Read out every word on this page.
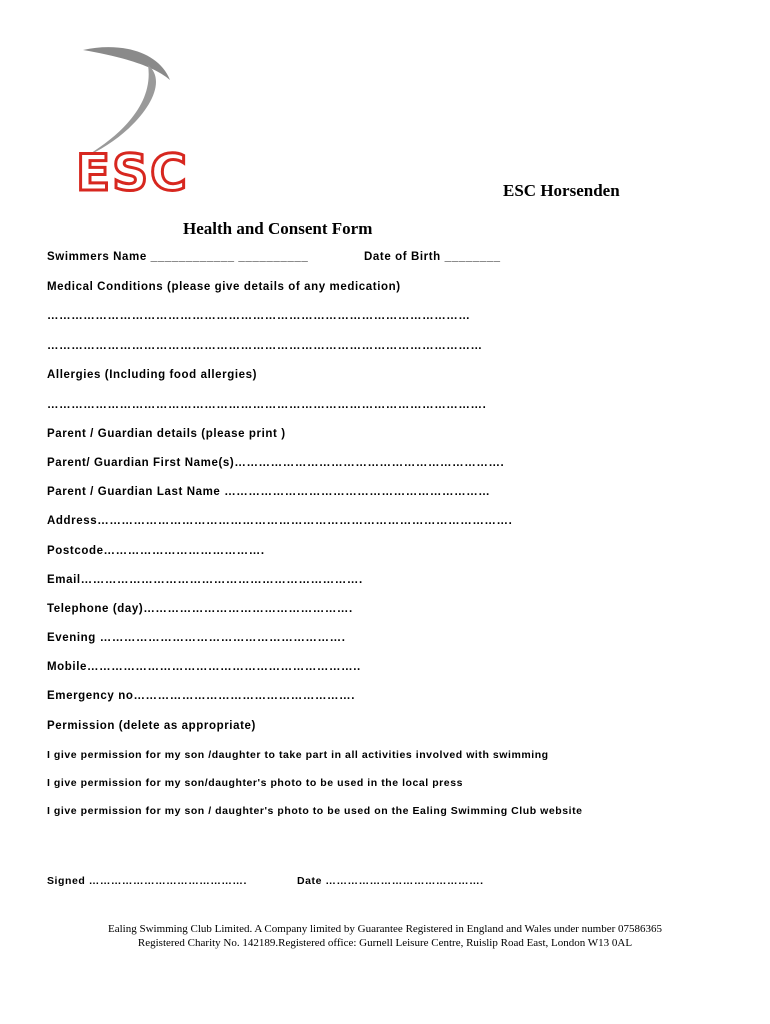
ESC	ESC Horsenden
Health and Consent Form
Swimmers Name ____________ __________	Date of Birth ________
Medical Conditions (please give details of any medication)
……………………………………………………………………………………………
………………………………………………………………………………………………
Allergies (Including food allergies)
……………………………………………………………………………………………….
Parent / Guardian details (please print )
Parent/ Guardian First Name(s)………………………………………………………….
Parent / Guardian Last Name …………………………………………………………
Address………………………………………………………………………………………….
Postcode………………………………….
Email…………………………………………………………….
Telephone (day)…………………………………………….
Evening …………………………………………………….
Mobile…………………………………………………………..
Emergency no……………………………………………….
Permission (delete as appropriate)
I give permission for my son /daughter to take part in all activities involved with swimming
I give permission for my son/daughter's photo to be used in the local press
I give permission for my son / daughter's photo to be used on the Ealing Swimming Club website
Signed …………………………………….	Date …………………………………….
Ealing Swimming Club Limited. A Company limited by Guarantee Registered in England and Wales under number 07586365
Registered Charity No. 142189.Registered office: Gurnell Leisure Centre, Ruislip Road East, London W13 0AL
